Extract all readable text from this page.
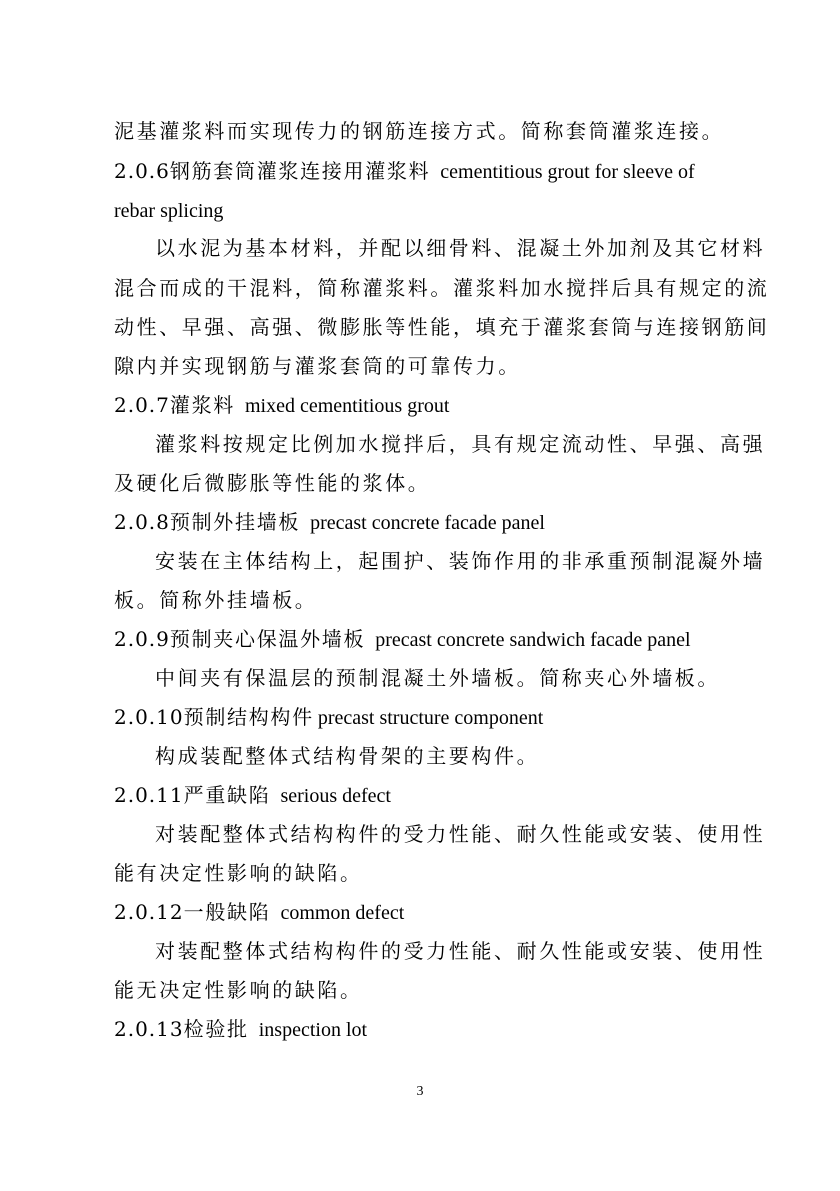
泥基灌浆料而实现传力的钢筋连接方式。简称套筒灌浆连接。
2.0.6钢筋套筒灌浆连接用灌浆料 cementitious grout for sleeve of
rebar splicing
以水泥为基本材料，并配以细骨料、混凝土外加剂及其它材料
混合而成的干混料，简称灌浆料。灌浆料加水搅拌后具有规定的流
动性、早强、高强、微膨胀等性能，填充于灌浆套筒与连接钢筋间
隙内并实现钢筋与灌浆套筒的可靠传力。
2.0.7灌浆料 mixed cementitious grout
灌浆料按规定比例加水搅拌后，具有规定流动性、早强、高强
及硬化后微膨胀等性能的浆体。
2.0.8预制外挂墙板 precast concrete facade panel
安装在主体结构上，起围护、装饰作用的非承重预制混凝外墙
板。简称外挂墙板。
2.0.9预制夹心保温外墙板 precast concrete sandwich facade panel
中间夹有保温层的预制混凝土外墙板。简称夹心外墙板。
2.0.10预制结构构件 precast structure component
构成装配整体式结构骨架的主要构件。
2.0.11严重缺陷 serious defect
对装配整体式结构构件的受力性能、耐久性能或安装、使用性
能有决定性影响的缺陷。
2.0.12一般缺陷 common defect
对装配整体式结构构件的受力性能、耐久性能或安装、使用性
能无决定性影响的缺陷。
2.0.13检验批 inspection lot
3
